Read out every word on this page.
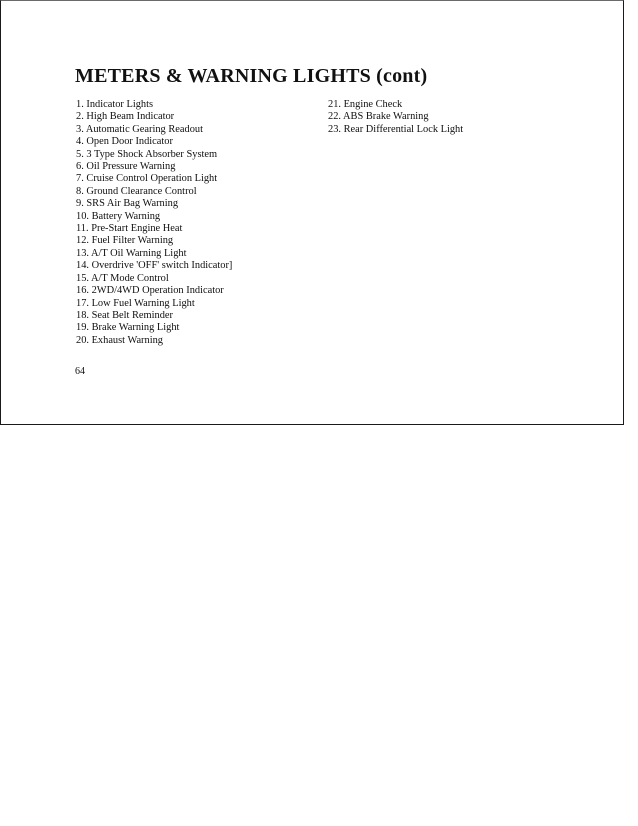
METERS & WARNING LIGHTS (cont)
1. Indicator Lights
2. High Beam Indicator
3. Automatic Gearing Readout
4. Open Door Indicator
5. 3 Type Shock Absorber System
6. Oil Pressure Warning
7. Cruise Control Operation Light
8. Ground Clearance Control
9. SRS Air Bag Warning
10. Battery Warning
11. Pre-Start Engine Heat
12. Fuel Filter Warning
13. A/T Oil Warning Light
14. Overdrive 'OFF' switch Indicator]
15. A/T Mode Control
16. 2WD/4WD Operation Indicator
17. Low Fuel Warning Light
18. Seat Belt Reminder
19. Brake Warning Light
20. Exhaust Warning
21. Engine Check
22. ABS Brake Warning
23. Rear Differential Lock Light

64
